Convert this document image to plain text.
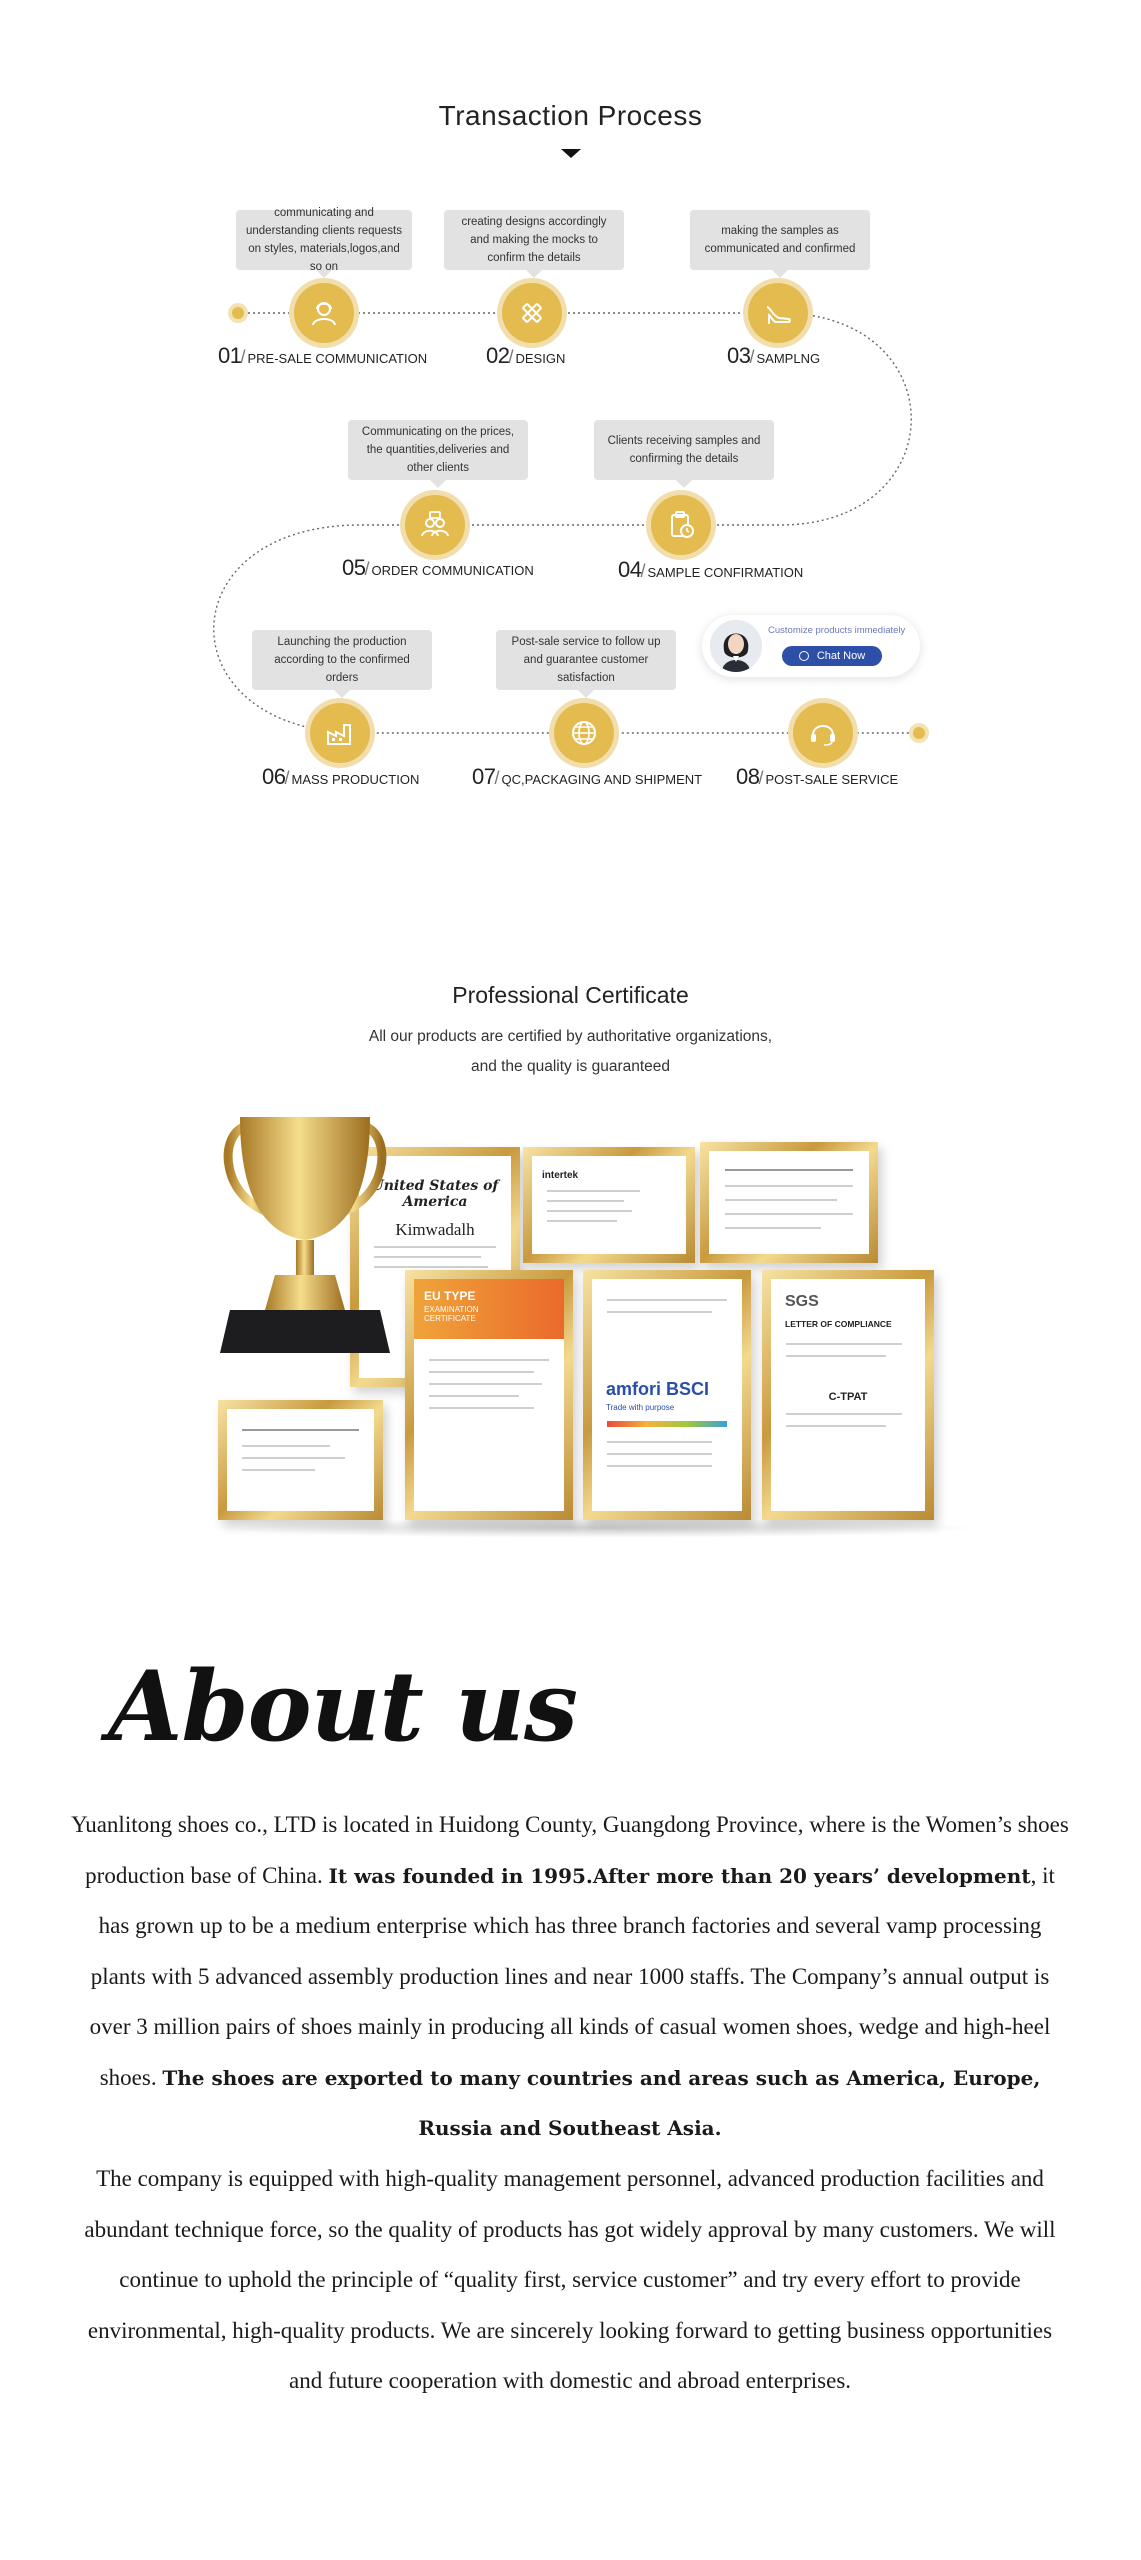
Transaction Process
communicating and understanding clients requests on styles, materials,logos,and so on
01 / PRE-SALE COMMUNICATION
creating designs accordingly and making the mocks to confirm the details
02 / DESIGN
making the samples as communicated and confirmed
03 / SAMPLNG
Communicating on the prices, the quantities,deliveries and other clients
05 / ORDER COMMUNICATION
Clients receiving samples and confirming the details
04 / SAMPLE CONFIRMATION
Launching the production according to the confirmed orders
06 / MASS PRODUCTION
Post-sale service to follow up and guarantee customer satisfaction
07 / QC,PACKAGING AND SHIPMENT
Customize products immediately
Chat Now
08 / POST-SALE SERVICE
Professional Certificate
All our products are certified by authoritative organizations,
and the quality is guaranteed
United States of America
Kimwadalh
intertek
EU TYPE
EXAMINATION CERTIFICATE
amfori BSCI
Trade with purpose
SGS
LETTER OF COMPLIANCE
C-TPAT
About us
Yuanlitong shoes co., LTD is located in Huidong County, Guangdong Province, where is the Women’s shoes production base of China. It was founded in 1995.After more than 20 years’ development, it has grown up to be a medium enterprise which has three branch factories and several vamp processing plants with 5 advanced assembly production lines and near 1000 staffs. The Company’s annual output is over 3 million pairs of shoes mainly in producing all kinds of casual women shoes, wedge and high-heel shoes. The shoes are exported to many countries and areas such as America, Europe, Russia and Southeast Asia.
The company is equipped with high-quality management personnel, advanced production facilities and abundant technique force, so the quality of products has got widely approval by many customers. We will continue to uphold the principle of “quality first, service customer” and try every effort to provide environmental, high-quality products. We are sincerely looking forward to getting business opportunities and future cooperation with domestic and abroad enterprises.
